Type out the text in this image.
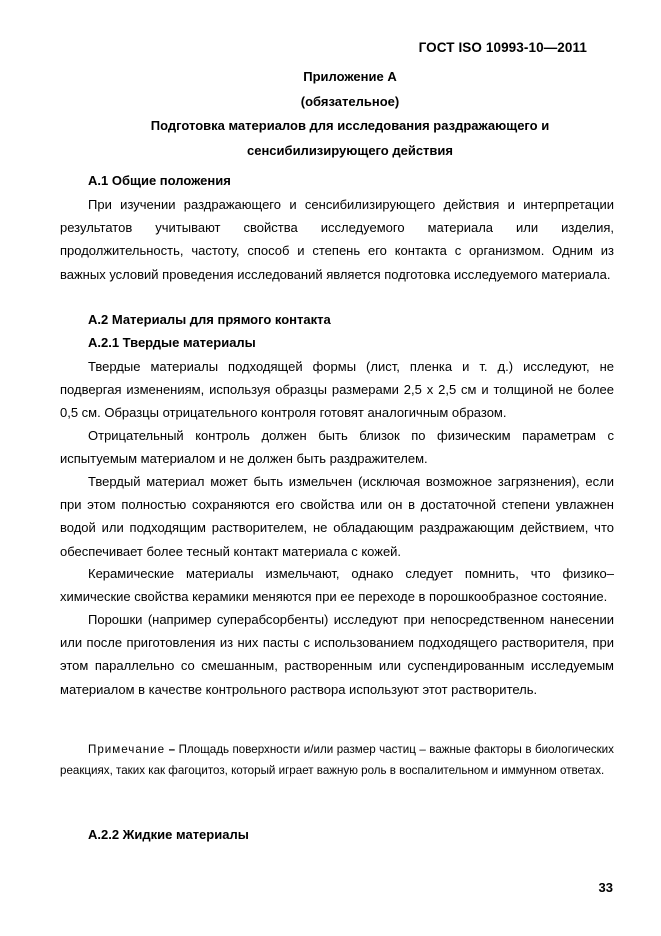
ГОСТ ISO 10993-10—2011
Приложение А
(обязательное)
Подготовка материалов для исследования раздражающего и
сенсибилизирующего действия
А.1 Общие положения
При изучении раздражающего и сенсибилизирующего действия и интерпретации результатов учитывают свойства исследуемого материала или изделия, продолжительность, частоту, способ и степень его контакта с организмом. Одним из важных условий проведения исследований является подготовка исследуемого материала.
А.2 Материалы для прямого контакта
А.2.1 Твердые материалы
Твердые материалы подходящей формы (лист, пленка и т. д.) исследуют, не подвергая изменениям, используя образцы размерами 2,5 х 2,5 см и толщиной не более 0,5 см. Образцы отрицательного контроля готовят аналогичным образом.
Отрицательный контроль должен быть близок по физическим параметрам с испытуемым материалом и не должен быть раздражителем.
Твердый материал может быть измельчен (исключая возможное загрязнения), если при этом полностью сохраняются его свойства или он в достаточной степени увлажнен водой или подходящим растворителем, не обладающим раздражающим действием, что обеспечивает более тесный контакт материала с кожей.
Керамические материалы измельчают, однако следует помнить, что физико–химические свойства керамики меняются при ее переходе в порошкообразное состояние.
Порошки (например суперабсорбенты) исследуют при непосредственном нанесении или после приготовления из них пасты с использованием подходящего растворителя, при этом параллельно со смешанным, растворенным или суспендированным исследуемым материалом в качестве контрольного раствора используют этот растворитель.
Примечание – Площадь поверхности и/или размер частиц – важные факторы в биологических реакциях, таких как фагоцитоз, который играет важную роль в воспалительном и иммунном ответах.
А.2.2 Жидкие материалы
33
